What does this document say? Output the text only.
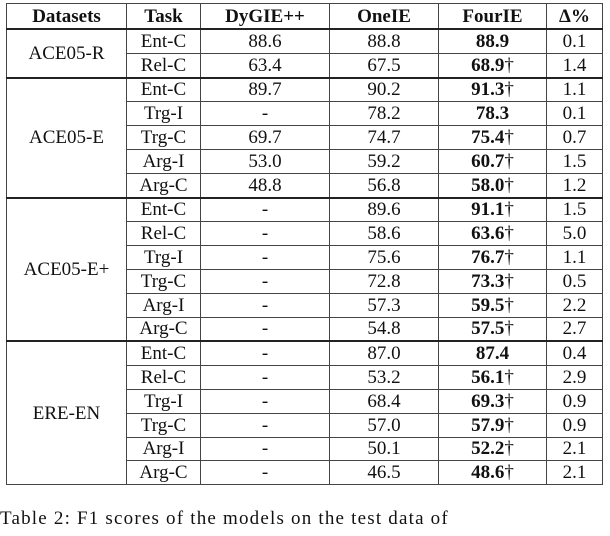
Datasets	Task	DyGIE++	OneIE	FourIE	Δ%
ACE05-R	Ent-C	88.6	88.8	88.9	0.1
	Rel-C	63.4	67.5	68.9†	1.4
ACE05-E	Ent-C	89.7	90.2	91.3†	1.1
	Trg-I	-	78.2	78.3	0.1
	Trg-C	69.7	74.7	75.4†	0.7
	Arg-I	53.0	59.2	60.7†	1.5
	Arg-C	48.8	56.8	58.0†	1.2
ACE05-E+	Ent-C	-	89.6	91.1†	1.5
	Rel-C	-	58.6	63.6†	5.0
	Trg-I	-	75.6	76.7†	1.1
	Trg-C	-	72.8	73.3†	0.5
	Arg-I	-	57.3	59.5†	2.2
	Arg-C	-	54.8	57.5†	2.7
ERE-EN	Ent-C	-	87.0	87.4	0.4
	Rel-C	-	53.2	56.1†	2.9
	Trg-I	-	68.4	69.3†	0.9
	Trg-C	-	57.0	57.9†	0.9
	Arg-I	-	50.1	52.2†	2.1
	Arg-C	-	46.5	48.6†	2.1
Table 2: F1 scores of the models on the test data of
